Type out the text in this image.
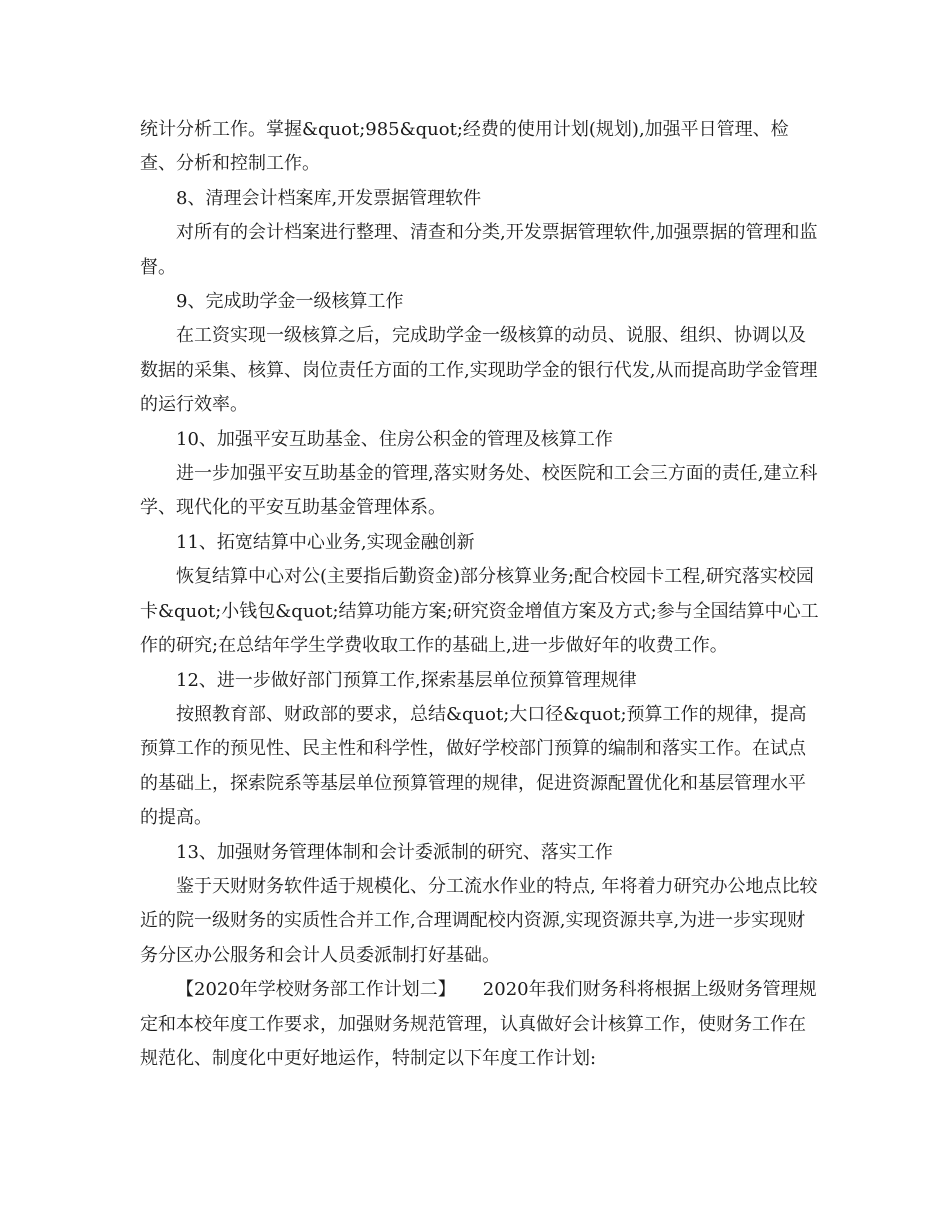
统计分析工作。掌握&quot;985&quot;经费的使用计划(规划),加强平日管理、检查、分析和控制工作。

8、清理会计档案库,开发票据管理软件

对所有的会计档案进行整理、清查和分类,开发票据管理软件,加强票据的管理和监督。

9、完成助学金一级核算工作

在工资实现一级核算之后，完成助学金一级核算的动员、说服、组织、协调以及数据的采集、核算、岗位责任方面的工作,实现助学金的银行代发,从而提高助学金管理的运行效率。

10、加强平安互助基金、住房公积金的管理及核算工作

进一步加强平安互助基金的管理,落实财务处、校医院和工会三方面的责任,建立科学、现代化的平安互助基金管理体系。

11、拓宽结算中心业务,实现金融创新

恢复结算中心对公(主要指后勤资金)部分核算业务;配合校园卡工程,研究落实校园卡&quot;小钱包&quot;结算功能方案;研究资金增值方案及方式;参与全国结算中心工作的研究;在总结年学生学费收取工作的基础上,进一步做好年的收费工作。

12、进一步做好部门预算工作,探索基层单位预算管理规律

按照教育部、财政部的要求，总结&quot;大口径&quot;预算工作的规律，提高预算工作的预见性、民主性和科学性，做好学校部门预算的编制和落实工作。在试点的基础上，探索院系等基层单位预算管理的规律，促进资源配置优化和基层管理水平的提高。

13、加强财务管理体制和会计委派制的研究、落实工作

鉴于天财财务软件适于规模化、分工流水作业的特点, 年将着力研究办公地点比较近的院一级财务的实质性合并工作,合理调配校内资源,实现资源共享,为进一步实现财务分区办公服务和会计人员委派制打好基础。

【2020年学校财务部工作计划二】　　2020年我们财务科将根据上级财务管理规定和本校年度工作要求，加强财务规范管理，认真做好会计核算工作，使财务工作在规范化、制度化中更好地运作，特制定以下年度工作计划:
